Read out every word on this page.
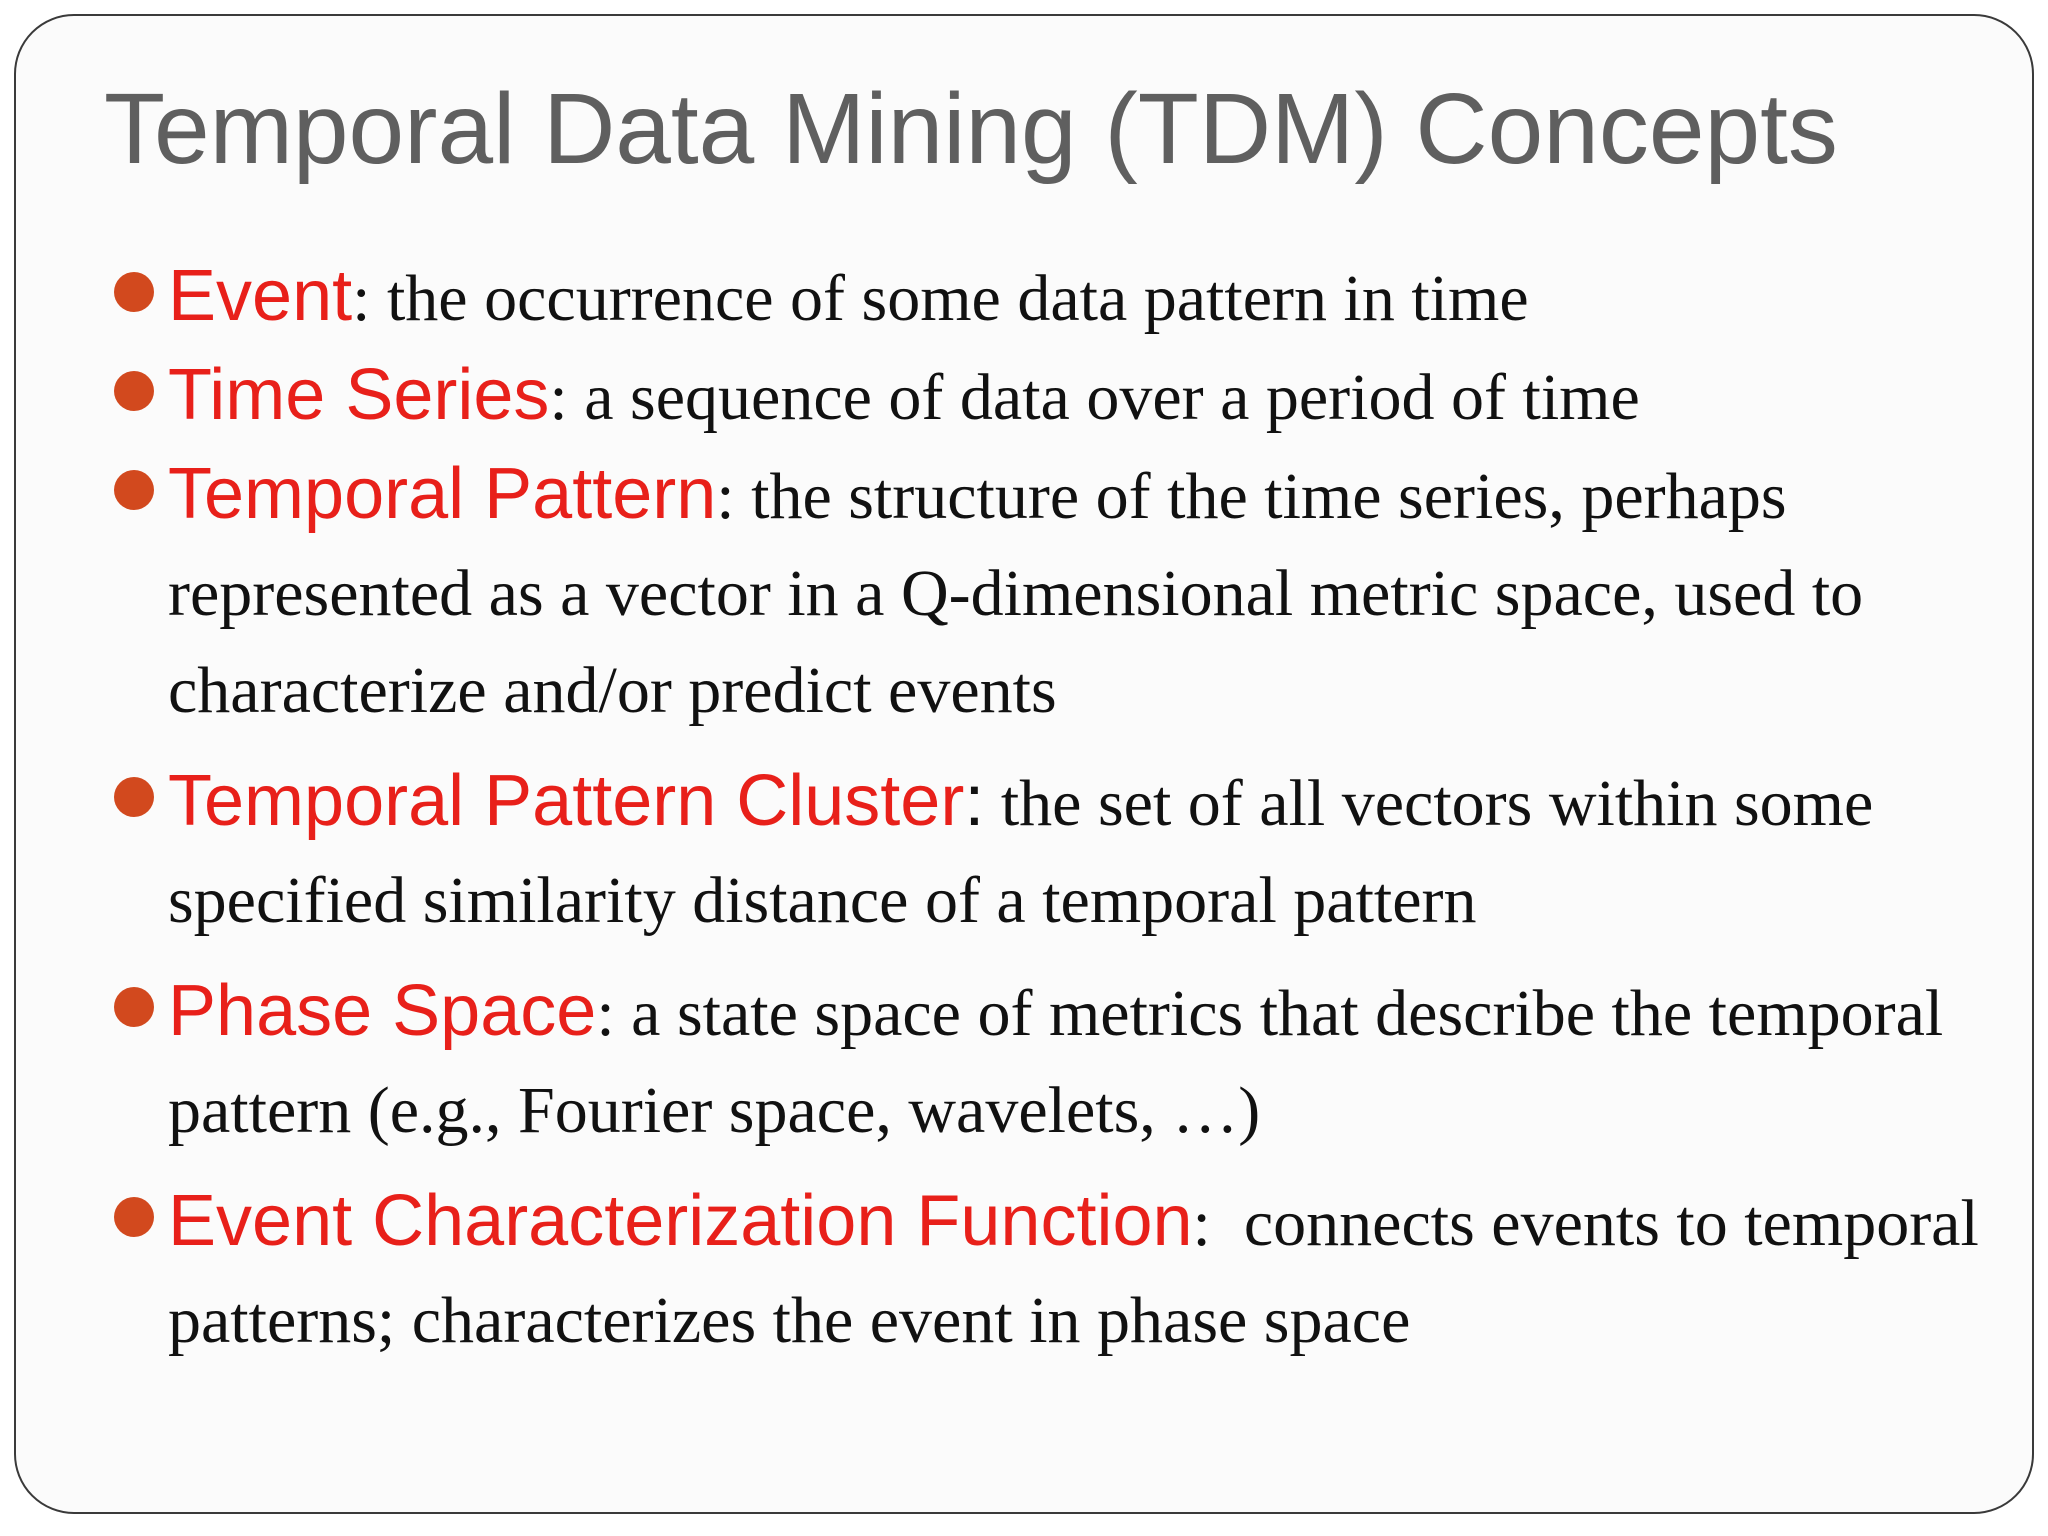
Temporal Data Mining (TDM) Concepts
Event: the occurrence of some data pattern in time
Time Series: a sequence of data over a period of time
Temporal Pattern: the structure of the time series, perhaps represented as a vector in a Q-dimensional metric space, used to characterize and/or predict events
Temporal Pattern Cluster: the set of all vectors within some specified similarity distance of a temporal pattern
Phase Space: a state space of metrics that describe the temporal pattern (e.g., Fourier space, wavelets, …)
Event Characterization Function:  connects events to temporal patterns; characterizes the event in phase space
